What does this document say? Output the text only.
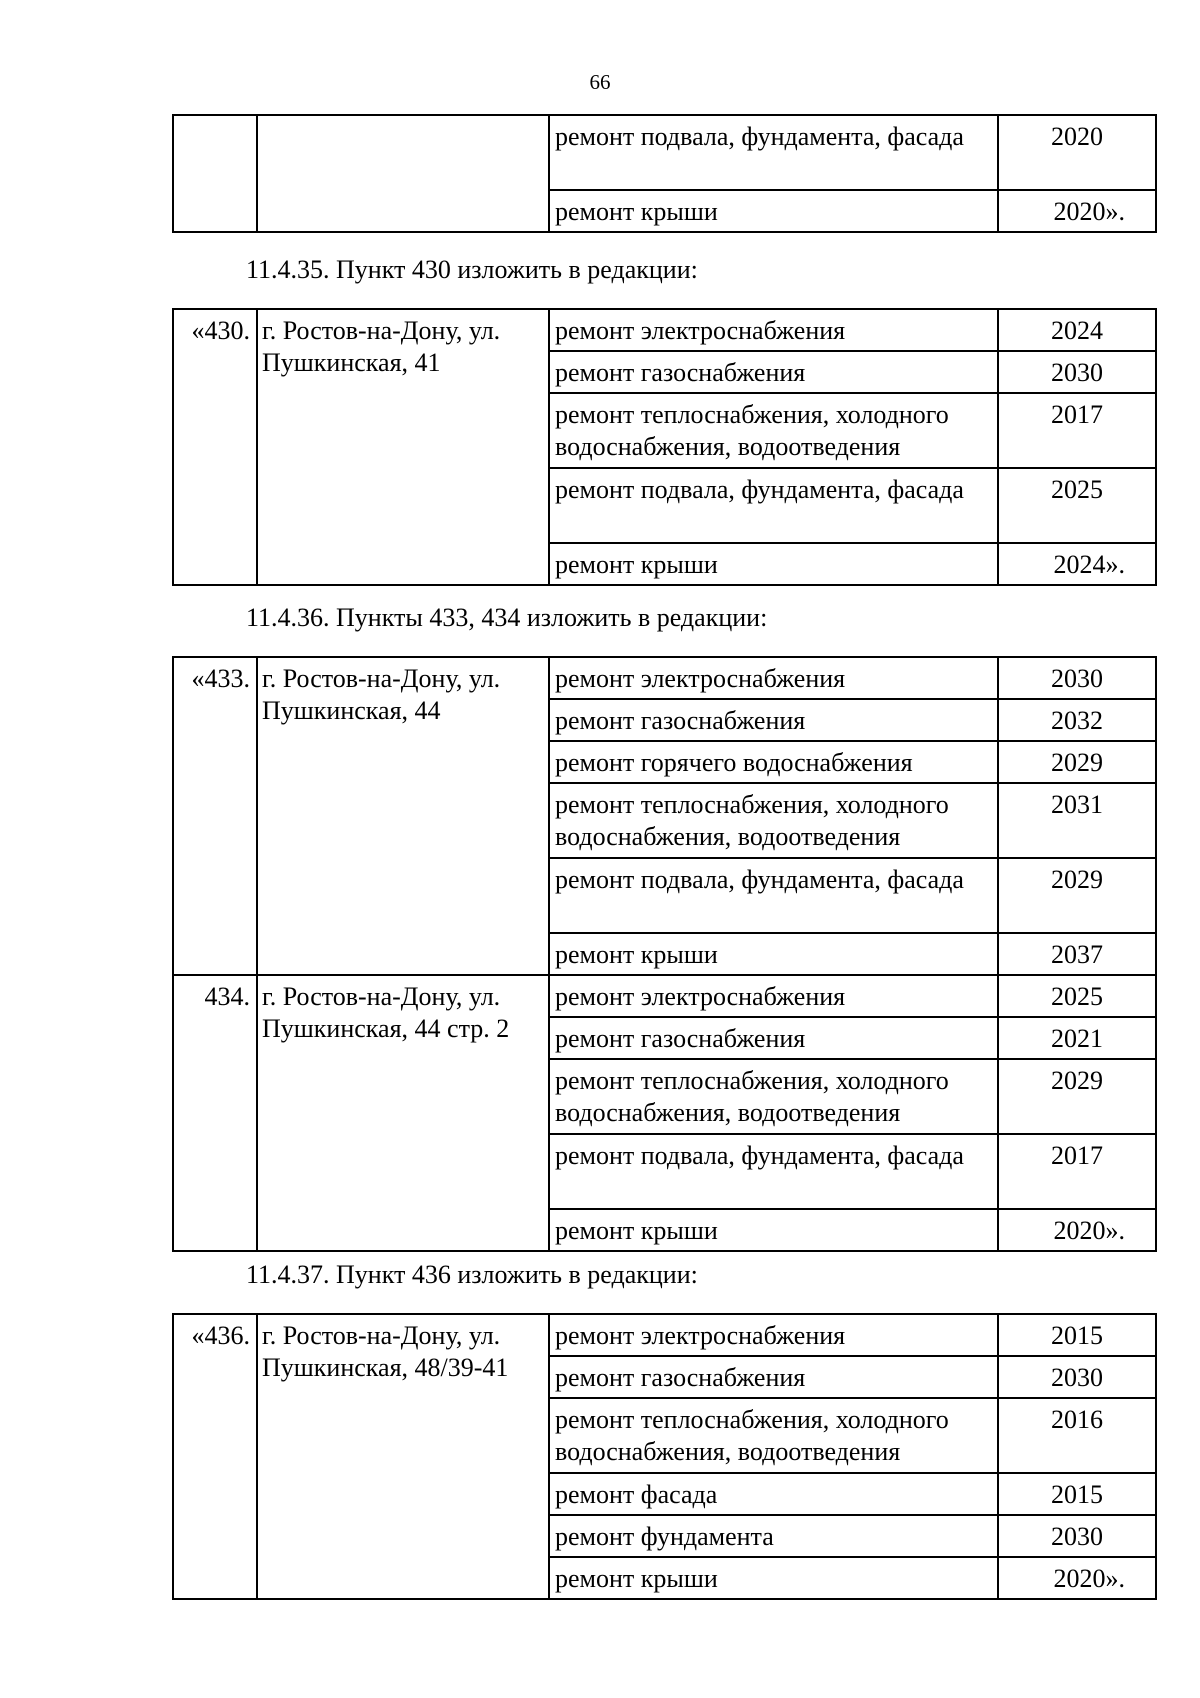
66
		ремонт подвала, фундамента, фасада	2020
		ремонт крыши	2020».
11.4.35. Пункт 430 изложить в редакции:
«430.	г. Ростов-на-Дону, ул. Пушкинская, 41	ремонт электроснабжения	2024
		ремонт газоснабжения	2030
		ремонт теплоснабжения, холодного водоснабжения, водоотведения	2017
		ремонт подвала, фундамента, фасада	2025
		ремонт крыши	2024».
11.4.36. Пункты 433, 434 изложить в редакции:
«433.	г. Ростов-на-Дону, ул. Пушкинская, 44	ремонт электроснабжения	2030
		ремонт газоснабжения	2032
		ремонт горячего водоснабжения	2029
		ремонт теплоснабжения, холодного водоснабжения, водоотведения	2031
		ремонт подвала, фундамента, фасада	2029
		ремонт крыши	2037
434.	г. Ростов-на-Дону, ул. Пушкинская, 44 стр. 2	ремонт электроснабжения	2025
		ремонт газоснабжения	2021
		ремонт теплоснабжения, холодного водоснабжения, водоотведения	2029
		ремонт подвала, фундамента, фасада	2017
		ремонт крыши	2020».
11.4.37. Пункт 436 изложить в редакции:
«436.	г. Ростов-на-Дону, ул. Пушкинская, 48/39-41	ремонт электроснабжения	2015
		ремонт газоснабжения	2030
		ремонт теплоснабжения, холодного водоснабжения, водоотведения	2016
		ремонт фасада	2015
		ремонт фундамента	2030
		ремонт крыши	2020».
